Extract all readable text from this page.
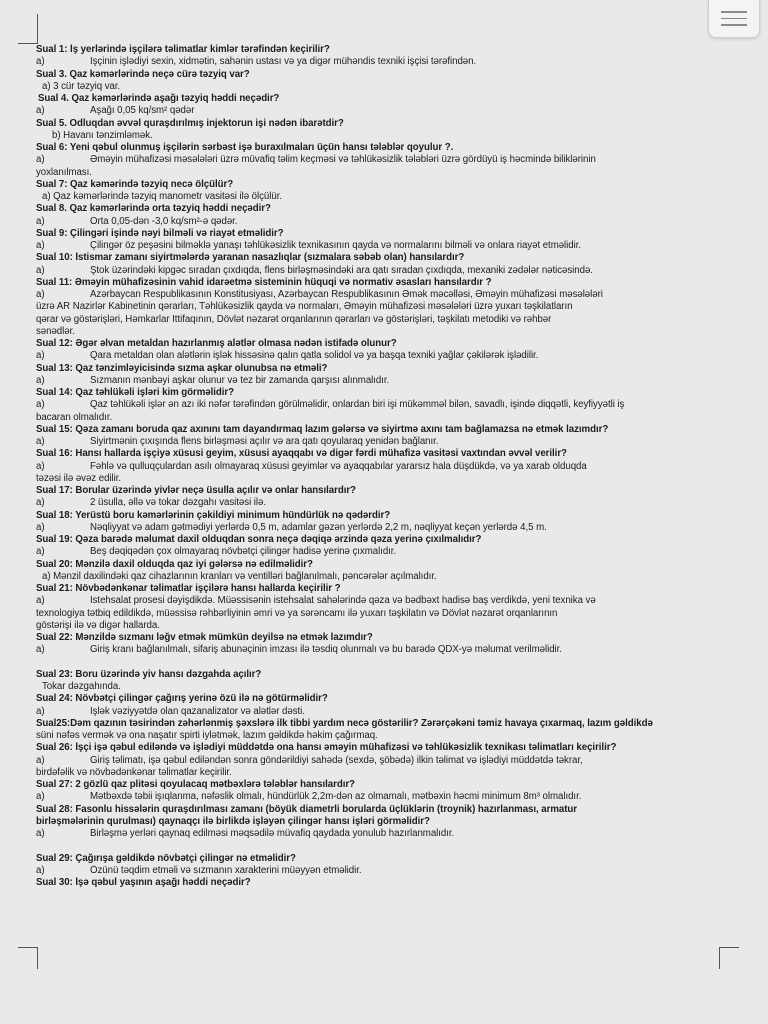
Sual 1: İş yerlərində işçilərə təlimatlar kimlər tərəfindən keçirilir?
a)	İşçinin işlədiyi sexin, xidmətin, sahənin ustası və ya digər mühəndis texniki işçisi tərəfindən.
Sual 3. Qaz kəmərlərində neçə cürə təzyiq var?
a) 3 cür təzyiq var.
Sual 4. Qaz kəmərlərində aşağı təzyiq həddi neçədir?
a)	Aşağı 0,05 kq/sm² qədər
Sual 5. Odluqdan əvvəl quraşdırılmış injektorun işi nədən ibarətdir?
b) Havanı tənzimləmək.
Sual 6: Yeni qəbul olunmuş işçilərin sərbəst işə buraxılmaları üçün hansı tələblər qoyulur ?.
a)	Əməyin mühafizəsi məsələləri üzrə müvafiq təlim keçməsi və təhlükəsizlik tələbləri üzrə gördüyü iş həcmində biliklərinin
yoxlanılması.
Sual 7: Qaz kəmərində təzyiq necə ölçülür?
a) Qaz kəmərlərində təzyiq manometr vasitəsi ilə ölçülür.
Sual 8. Qaz kəmərlərində orta təzyiq həddi neçədir?
a)	Orta 0,05-dən -3,0 kq/sm²-ə qədər.
Sual 9: Çilingəri işində nəyi bilməli və riayət etməlidir?
a)	Çilingər öz peşəsini bilməklə yanaşı təhlükəsizlik texnikasının qayda və normalarını bilməli və onlara riayət etməlidir.
Sual 10: İstismar zamanı siyirtmələrdə yaranan nasazlıqlar (sızmalara səbəb olan) hansılardır?
a)	Ştok üzərindəki kipgəc sıradan çıxdıqda, flens birləşməsindəki ara qatı sıradan çıxdıqda, mexaniki zədələr nəticəsində.
Sual 11: Əməyin mühafizəsinin vahid idarəetmə sisteminin hüquqi və normativ əsasları hansılardır ?
a)	Azərbaycan Respublikasının Konstitusiyası, Azərbaycan Respublikasının Əmək məcəlləsi, Əməyin mühafizəsi məsələləri
üzrə AR Nazirlər Kabinetinin qərarları, Təhlükəsizlik qayda və normaları, Əməyin mühafizəsi məsələləri üzrə yuxarı təşkilatların
qərar və göstərişləri, Həmkarlar İttifaqının, Dövlət nəzarət orqanlarının qərarları və göstərişləri, təşkilatı metodiki və rəhbər
sənədlər.
Sual 12: Əgər əlvan metaldan hazırlanmış alətlər olmasa nədən istifadə olunur?
a)	Qara metaldan olan alətlərin işlək hissəsinə qalın qatla solidol və ya başqa texniki yağlar çəkilərək işlədilir.
Sual 13: Qaz tənzimləyicisində sızma aşkar olunubsa nə etməli?
a)	Sızmanın mənbəyi aşkar olunur və tez bir zamanda qarşısı alınmalıdır.
Sual 14: Qaz təhlükəli işləri kim görməlidir?
a)	Qaz təhlükəli işlər ən azı iki nəfər tərəfindən görülməlidir, onlardan biri işi mükəmməl bilən, savadlı, işində diqqətli, keyfiyyətli iş
bacaran olmalıdır.
Sual 15: Qəza zamanı boruda qaz axınını tam dayandırmaq lazım gələrsə və siyirtmə axını tam bağlamazsa nə etmək lazımdır?
a)	Siyirtmənin çıxışında flens birləşməsi açılır və ara qatı qoyularaq yenidən bağlanır.
Sual 16: Hansı hallarda işçiyə xüsusi geyim, xüsusi ayaqqabı və digər fərdi mühafizə vasitəsi vaxtından əvvəl verilir?
a)	Fəhlə və qulluqçulardan asılı olmayaraq xüsusi geyimlər və ayaqqabılar yararsız hala düşdükdə, və ya xarab olduqda
təzəsi ilə əvəz edilir.
Sual 17: Borular üzərində yivlər neçə üsulla açılır və onlar hansılardır?
a)	2 üsulla, əllə və tokar dəzgahı vasitəsi ilə.
Sual 18: Yerüstü boru kəmərlərinin çəkildiyi minimum hündürlük nə qədərdir?
a)	Nəqliyyat və adam gətmədiyi yerlərdə 0,5 m, adamlar gəzən yerlərdə 2,2 m, nəqliyyat keçən yerlərdə 4,5 m.
Sual 19: Qəza barədə məlumat daxil olduqdan sonra neçə dəqiqə ərzində qəza yerinə çıxılmalıdır?
a)	Beş dəqiqədən çox olmayaraq növbətçi çilingər hadisə yerinə çıxmalıdır.
Sual 20: Mənzilə daxil olduqda qaz iyi gələrsə nə edilməlidir?
a) Mənzil daxilindəki qaz cihazlarının kranları və ventilləri bağlanılmalı, pəncərələr açılmalıdır.
Sual 21: Növbədənkənar təlimatlar işçilərə hansı hallarda keçirilir ?
a)	İstehsalat prosesi dəyişdikdə. Müəssisənin istehsalat sahələrində qəza və bədbəxt hadisə baş verdikdə, yeni texnika və
texnologiya tətbiq edildikdə, müəssisə rəhbərliyinin əmri və ya sərəncamı ilə yuxarı təşkilatın və Dövlət nəzarət orqanlarının
göstərişi ilə və digər hallarda.
Sual 22: Mənzildə sızmanı ləğv etmək mümkün deyilsə nə etmək lazımdır?
a)	Giriş kranı bağlanılmalı, sifariş abunəçinin imzası ilə təsdiq olunmalı və bu barədə QDX-yə məlumat verilməlidir.
Sual 23: Boru üzərində yiv hansı dəzgahda açılır?
Tokar dəzgahında.
Sual 24: Növbətçi çilingər çağırış yerinə özü ilə nə götürməlidir?
a)	İşlək vəziyyətdə olan qazanalizator və alətlər dəsti.
Sual25:Dəm qazının təsirindən zəhərlənmiş şəxslərə ilk tibbi yardım necə göstərilir? Zərərçəkəni təmiz havaya çıxarmaq, lazım gəldikdə
süni nəfəs vermək və ona naşatır spirti iylətmək, lazım gəldikdə həkim çağırmaq.
Sual 26: İşçi işə qəbul ediləndə və işlədiyi müddətdə ona hansı əməyin mühafizəsi və təhlükəsizlik texnikası təlimatları keçirilir?
a)	Giriş təlimatı, işə qəbul ediləndən sonra göndərildiyi sahədə (sexdə, şöbədə) ilkin təlimat və işlədiyi müddətdə təkrar,
birdəfəlik və növbədənkənar təlimatlar keçirilir.
Sual 27: 2 gözlü qaz plitəsi qoyulacaq mətbəxlərə tələblər hansılardır?
a)	Mətbəxdə təbii işıqlanma, nəfəslik olmalı, hündürlük 2,2m-dən az olmamalı, mətbəxin həcmi minimum 8m³ olmalıdır.
Sual 28: Fasonlu hissələrin quraşdırılması zamanı (böyük diametrli borularda üçlüklərin (troynik) hazırlanması, armatur
birləşmələrinin qurulması) qaynaqçı ilə birlikdə işləyən çilingər hansı işləri görməlidir?
a)	Birləşmə yerləri qaynaq edilməsi məqsədilə müvafiq qaydada yonulub hazırlanmalıdır.
Sual 29: Çağırışa gəldikdə növbətçi çilingər nə etməlidir?
a)	Özünü təqdim etməli və sızmanın xarakterini müəyyən etməlidir.
Sual 30: İşə qəbul yaşının aşağı həddi neçədir?
